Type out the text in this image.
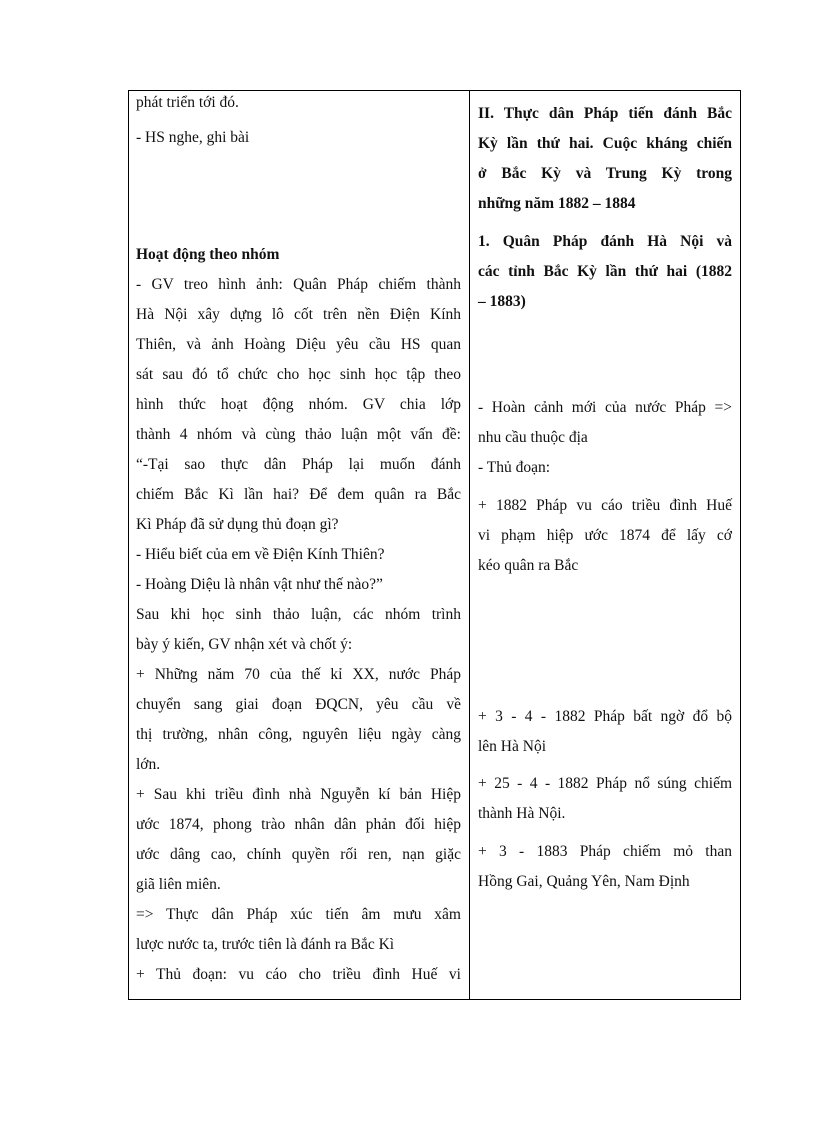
phát triển tới đó.
- HS nghe, ghi bài
Hoạt động theo nhóm
- GV treo hình ảnh: Quân Pháp chiếm thành
Hà Nội xây dựng lô cốt trên nền Điện Kính
Thiên, và ảnh Hoàng Diệu yêu cầu HS quan
sát sau đó tổ chức cho học sinh học tập theo
hình thức hoạt động nhóm. GV chia lớp
thành 4 nhóm và cùng thảo luận một vấn đề:
“-Tại sao thực dân Pháp lại muốn đánh
chiếm Bắc Kì lần hai? Để đem quân ra Bắc
Kì Pháp đã sử dụng thủ đoạn gì?
- Hiểu biết của em về Điện Kính Thiên?
- Hoàng Diệu là nhân vật như thế nào?”
Sau khi học sinh thảo luận, các nhóm trình
bày ý kiến, GV nhận xét và chốt ý:
+ Những năm 70 của thế kỉ XX, nước Pháp
chuyển sang giai đoạn ĐQCN, yêu cầu về
thị trường, nhân công, nguyên liệu ngày càng
lớn.
+ Sau khi triều đình nhà Nguyễn kí bản Hiệp
ước 1874, phong trào nhân dân phản đối hiệp
ước dâng cao, chính quyền rối ren, nạn giặc
giã liên miên.
=> Thực dân Pháp xúc tiến âm mưu xâm
lược nước ta, trước tiên là đánh ra Bắc Kì
+ Thủ đoạn: vu cáo cho triều đình Huế vi
II. Thực dân Pháp tiến đánh Bắc
Kỳ lần thứ hai. Cuộc kháng chiến
ở Bắc Kỳ và Trung Kỳ trong
những năm 1882 – 1884
1. Quân Pháp đánh Hà Nội và
các tỉnh Bắc Kỳ lần thứ hai (1882
– 1883)
- Hoàn cảnh mới của nước Pháp =>
nhu cầu thuộc địa
- Thủ đoạn:
+ 1882 Pháp vu cáo triều đình Huế
vi phạm hiệp ước 1874 để lấy cớ
kéo quân ra Bắc
+ 3 - 4 - 1882 Pháp bất ngờ đổ bộ
lên Hà Nội
+ 25 - 4 - 1882 Pháp nổ súng chiếm
thành Hà Nội.
+ 3 - 1883 Pháp chiếm mỏ than
Hồng Gai, Quảng Yên, Nam Định
